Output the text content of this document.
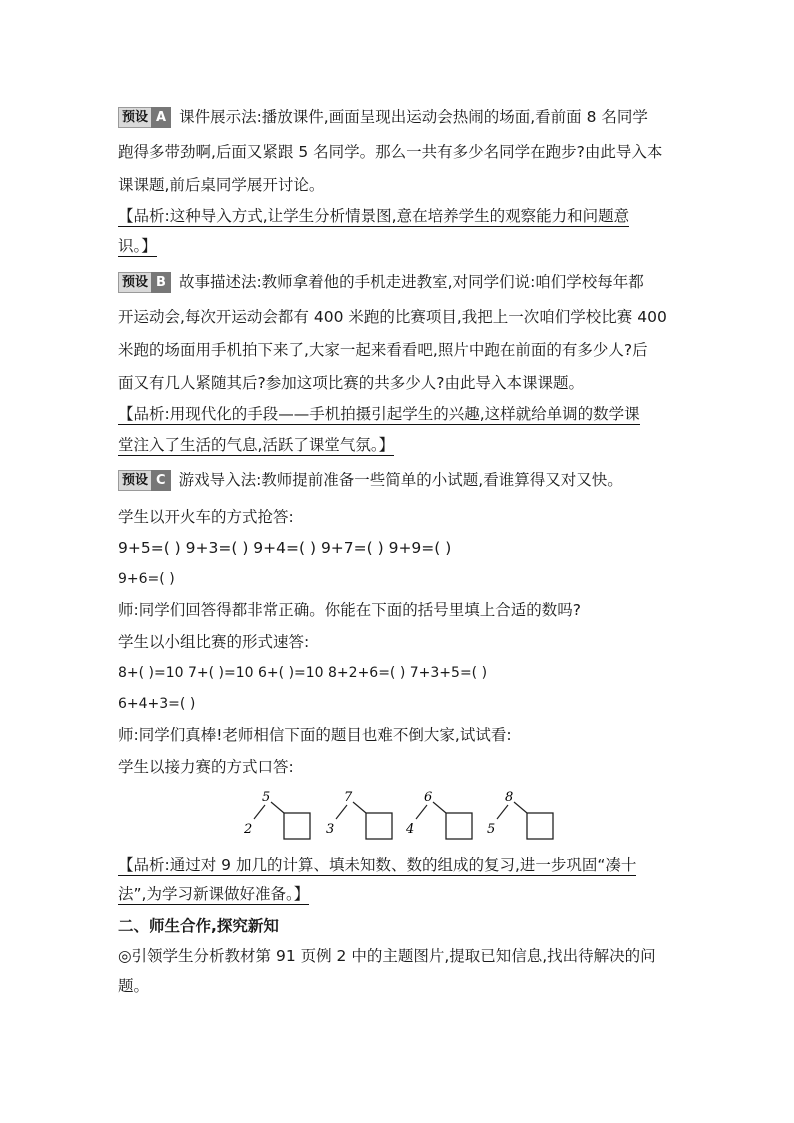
预设 A 课件展示法:播放课件,画面呈现出运动会热闹的场面,看前面 8 名同学
跑得多带劲啊,后面又紧跟 5 名同学。那么一共有多少名同学在跑步?由此导入本
课课题,前后桌同学展开讨论。
【品析:这种导入方式,让学生分析情景图,意在培养学生的观察能力和问题意
识。】
预设 B 故事描述法:教师拿着他的手机走进教室,对同学们说:咱们学校每年都
开运动会,每次开运动会都有 400 米跑的比赛项目,我把上一次咱们学校比赛 400
米跑的场面用手机拍下来了,大家一起来看看吧,照片中跑在前面的有多少人?后
面又有几人紧随其后?参加这项比赛的共多少人?由此导入本课课题。
【品析:用现代化的手段——手机拍摄引起学生的兴趣,这样就给单调的数学课
堂注入了生活的气息,活跃了课堂气氛。】
预设 C 游戏导入法:教师提前准备一些简单的小试题,看谁算得又对又快。
学生以开火车的方式抢答:
9+5=( ) 9+3=( ) 9+4=( ) 9+7=( ) 9+9=( )
9+6=( )
师:同学们回答得都非常正确。你能在下面的括号里填上合适的数吗?
学生以小组比赛的形式速答:
8+( )=10 7+( )=10 6+( )=10 8+2+6=( ) 7+3+5=( )
6+4+3=( )
师:同学们真棒!老师相信下面的题目也难不倒大家,试试看:
学生以接力赛的方式口答:
5
2
7
3
6
4
8
5
【品析:通过对 9 加几的计算、填未知数、数的组成的复习,进一步巩固“凑十
法”,为学习新课做好准备。】
二、师生合作,探究新知
◎引领学生分析教材第 91 页例 2 中的主题图片,提取已知信息,找出待解决的问
题。
